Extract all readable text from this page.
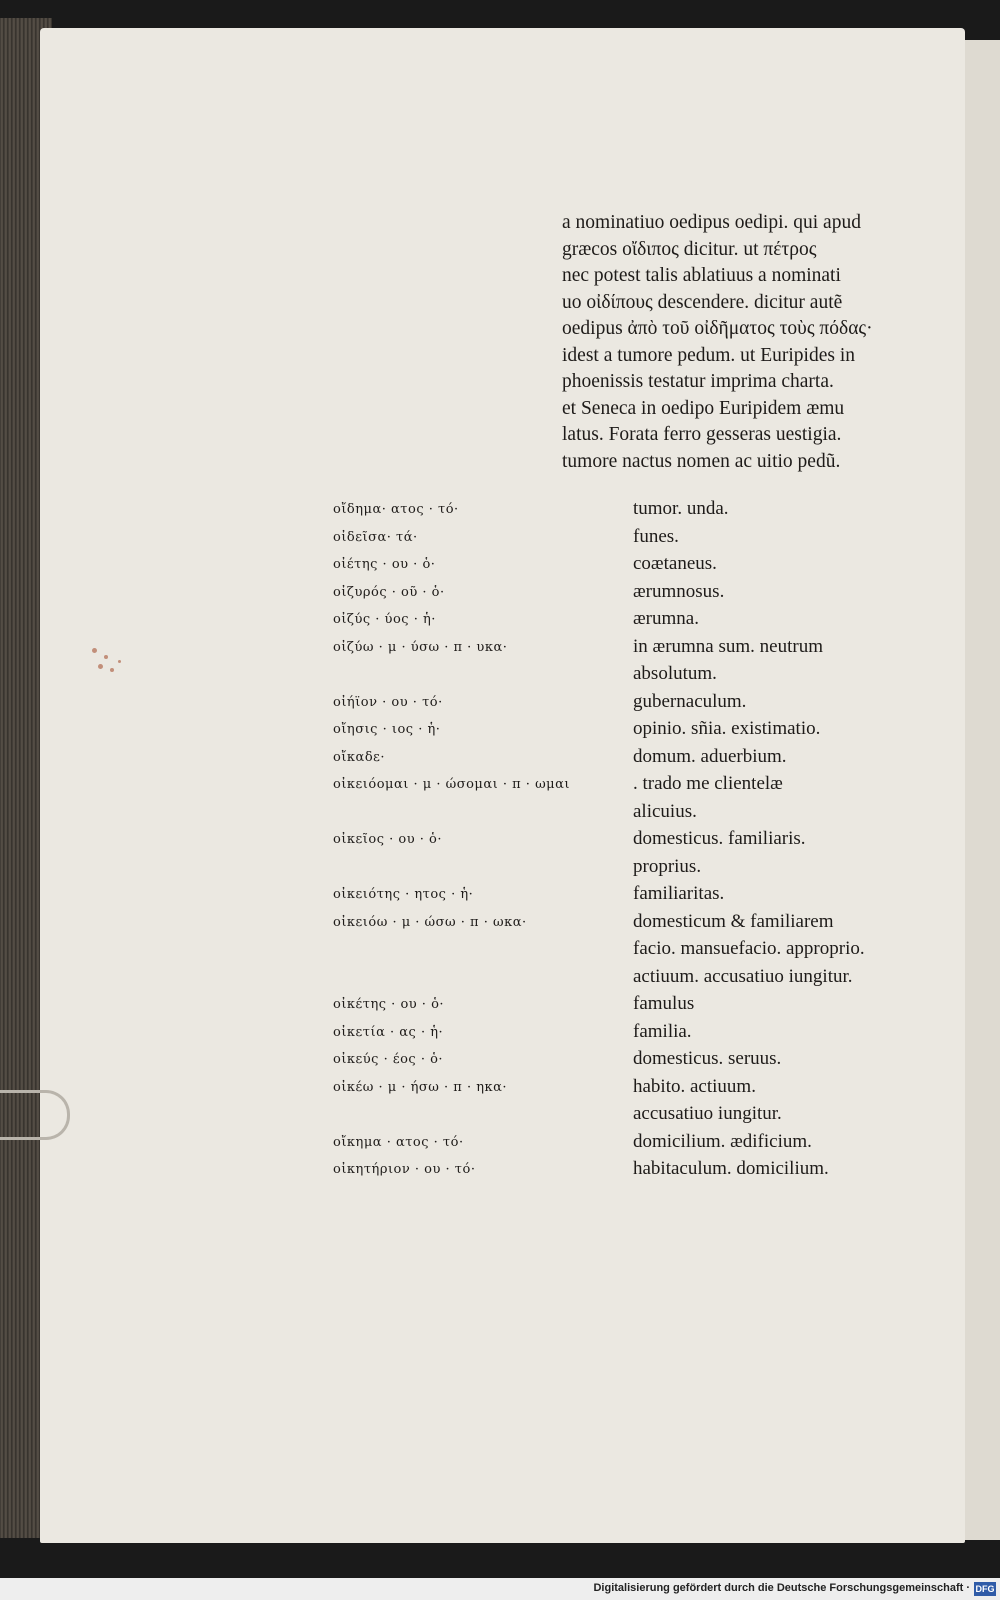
a nominatiuo oedipus oedipi. qui apud
græcos οἴδιπος dicitur. ut πέτρος
nec potest talis ablatiuus a nominati
uo οἰδίπους descendere. dicitur autẽ
oedipus ἀπὸ τοῦ οἰδῆματος τοὺς πόδας·
idest a tumore pedum. ut Euripides in
phoenissis testatur imprima charta.
et Seneca in oedipo Euripidem æmu
latus. Forata ferro gesseras uestigia.
tumore nactus nomen ac uitio pedũ.
οἴδημα· ατος · τό·	tumor. unda.
οἰδεῖσα· τά·	funes.
οἰέτης · ου · ὁ·	coætaneus.
οἰζυρός · οῦ · ὁ·	ærumnosus.
οἰζύς · ύος · ἡ·	ærumna.
οἰζύω · μ · ύσω · π · υκα·	in ærumna sum. neutrum
absolutum.
οἰήϊον · ου · τό·	gubernaculum.
οἴησις · ιος · ἡ·	opinio. sñia. existimatio.
οἴκαδε·	domum. aduerbium.
οἰκειόομαι · μ · ώσομαι · π · ωμαι	. trado me clientelæ
alicuius.
οἰκεῖος · ου · ὁ·	domesticus. familiaris.
proprius.
οἰκειότης · ητος · ἡ·	familiaritas.
οἰκειόω · μ · ώσω · π · ωκα·	domesticum & familiarem
facio. mansuefacio. approprio.
actiuum. accusatiuo iungitur.
οἰκέτης · ου · ὁ·	famulus
οἰκετία · ας · ἡ·	familia.
οἰκεύς · έος · ὁ·	domesticus. seruus.
οἰκέω · μ · ήσω · π · ηκα·	habito. actiuum.
accusatiuo iungitur.
οἴκημα · ατος · τό·	domicilium. ædificium.
οἰκητήριον · ου · τό·	habitaculum. domicilium.
Digitalisierung gefördert durch die Deutsche Forschungsgemeinschaft · DFG
